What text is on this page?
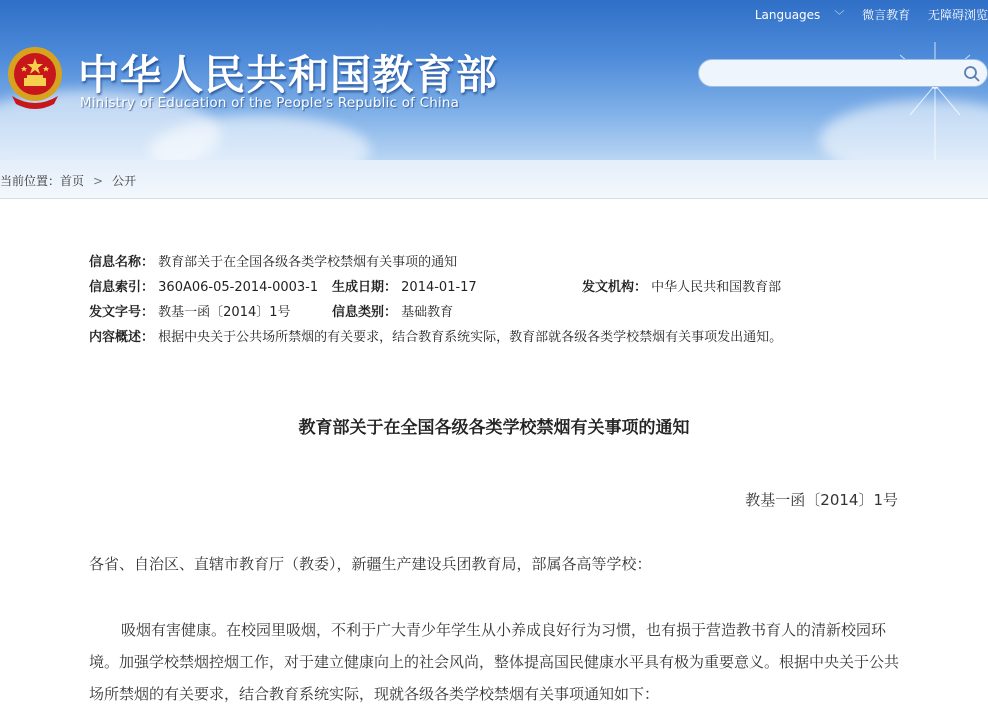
中华人民共和国教育部
Ministry of Education of the People's Republic of China
Languages ﹀ 微言教育 无障碍浏览
当前位置：首页 > 公开
信息名称： 教育部关于在全国各级各类学校禁烟有关事项的通知
信息索引： 360A06-05-2014-0003-1 生成日期： 2014-01-17	发文机构： 中华人民共和国教育部
发文字号： 教基一函〔2014〕1号	信息类别： 基础教育
内容概述： 根据中央关于公共场所禁烟的有关要求，结合教育系统实际，教育部就各级各类学校禁烟有关事项发出通知。
教育部关于在全国各级各类学校禁烟有关事项的通知
教基一函〔2014〕1号
各省、自治区、直辖市教育厅（教委），新疆生产建设兵团教育局，部属各高等学校：
吸烟有害健康。在校园里吸烟，不利于广大青少年学生从小养成良好行为习惯，也有损于营造教书育人的清新校园环境。加强学校禁烟控烟工作，对于建立健康向上的社会风尚，整体提高国民健康水平具有极为重要意义。根据中央关于公共场所禁烟的有关要求，结合教育系统实际，现就各级各类学校禁烟有关事项通知如下：
